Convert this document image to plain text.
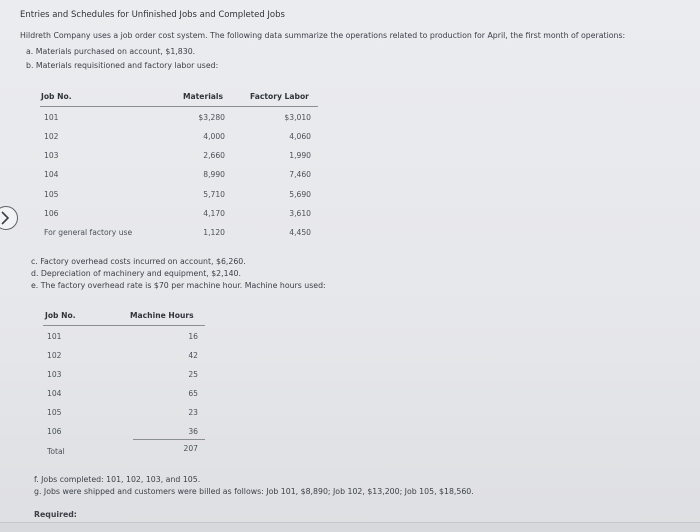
Entries and Schedules for Unfinished Jobs and Completed Jobs
Hildreth Company uses a job order cost system. The following data summarize the operations related to production for April, the first month of operations:
a. Materials purchased on account, $1,830.
b. Materials requisitioned and factory labor used:
Job No.	Materials	Factory Labor
101	$3,280	$3,010
102	4,000	4,060
103	2,660	1,990
104	8,990	7,460
105	5,710	5,690
106	4,170	3,610
For general factory use	1,120	4,450
c. Factory overhead costs incurred on account, $6,260.
d. Depreciation of machinery and equipment, $2,140.
e. The factory overhead rate is $70 per machine hour. Machine hours used:
Job No.	Machine Hours
101	16
102	42
103	25
104	65
105	23
106	36
Total	207
f. Jobs completed: 101, 102, 103, and 105.
g. Jobs were shipped and customers were billed as follows: Job 101, $8,890; Job 102, $13,200; Job 105, $18,560.
Required:
